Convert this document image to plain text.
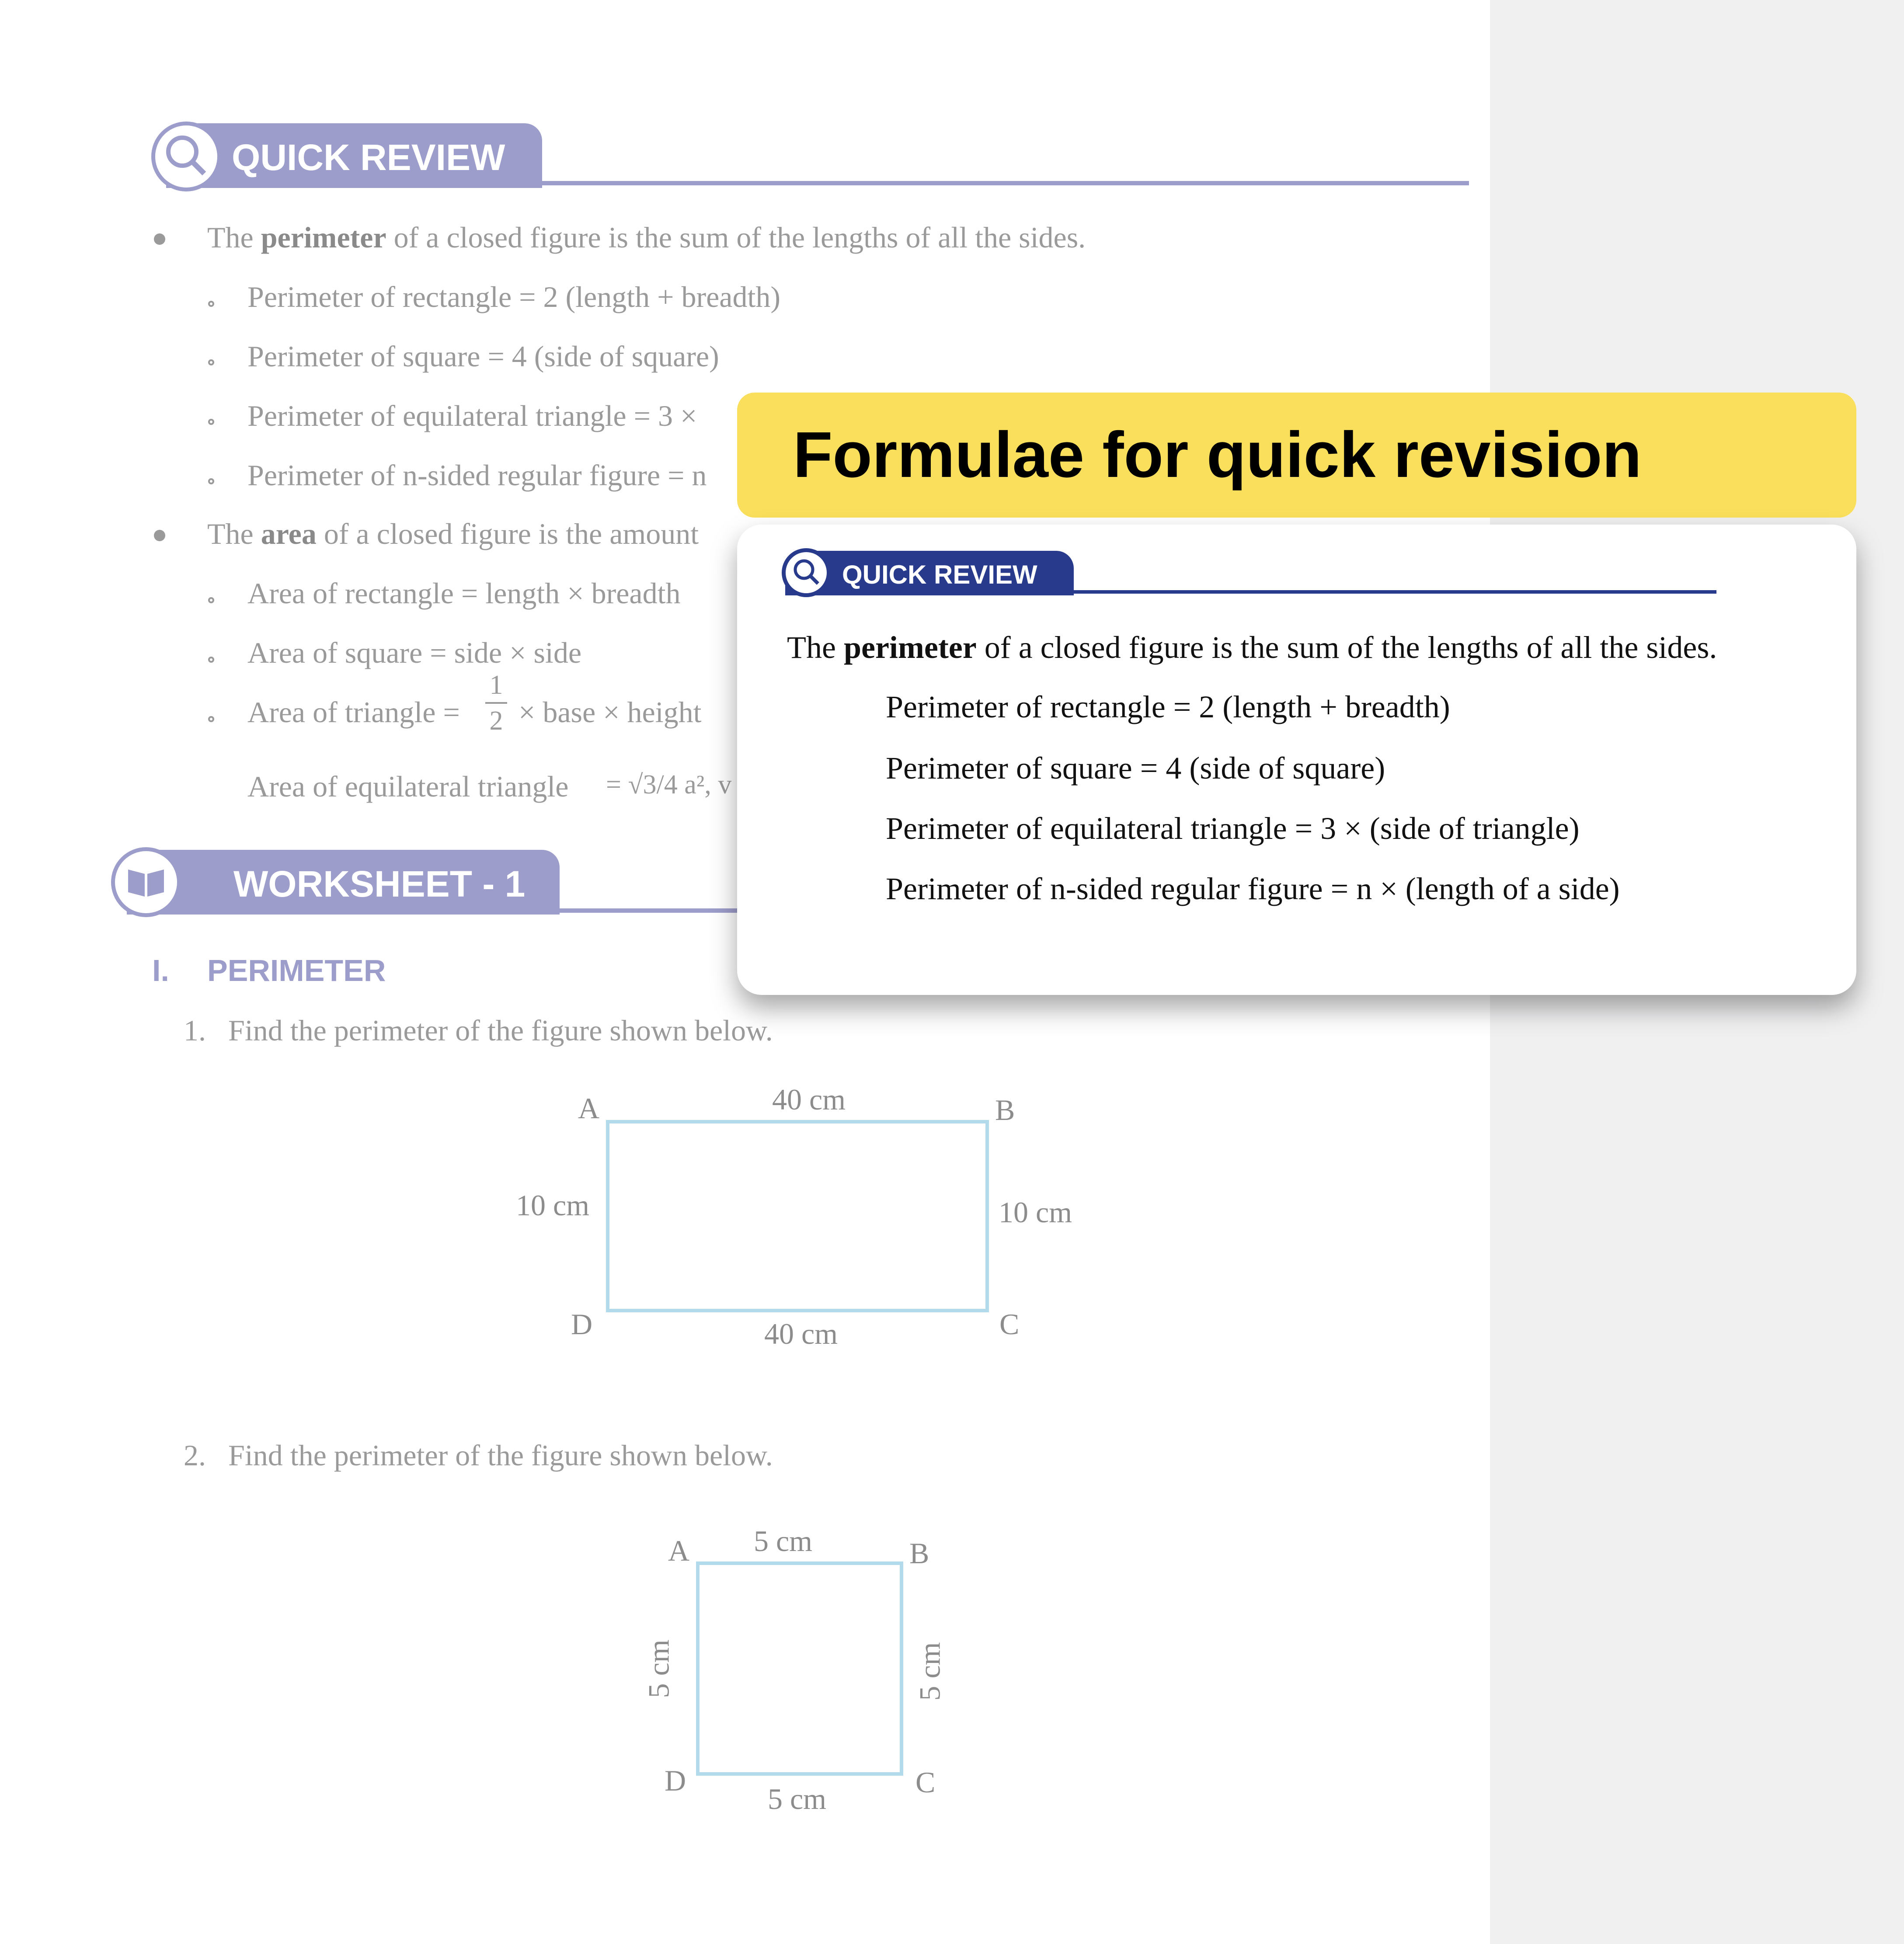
QUICK REVIEW
The perimeter of a closed figure is the sum of the lengths of all the sides.
Perimeter of rectangle = 2 (length + breadth)
Perimeter of square = 4 (side of square)
Perimeter of equilateral triangle = 3 ×
Perimeter of n-sided regular figure = n
The area of a closed figure is the amount
Area of rectangle = length × breadth
Area of square = side × side
Area of triangle =
1
2 × base × height
Area of equilateral triangle = √3/4 a², v
WORKSHEET - 1
I. PERIMETER
1. Find the perimeter of the figure shown below.
A	B
C
D
40 cm
40 cm
10 cm	10 cm
2. Find the perimeter of the figure shown below.
A	B
C
D
5 cm
5 cm
5 cm	5 cm
Formulae for quick revision
QUICK REVIEW
The perimeter of a closed figure is the sum of the lengths of all the sides.
Perimeter of rectangle = 2 (length + breadth)
Perimeter of square = 4 (side of square)
Perimeter of equilateral triangle = 3 × (side of triangle)
Perimeter of n-sided regular figure = n × (length of a side)
